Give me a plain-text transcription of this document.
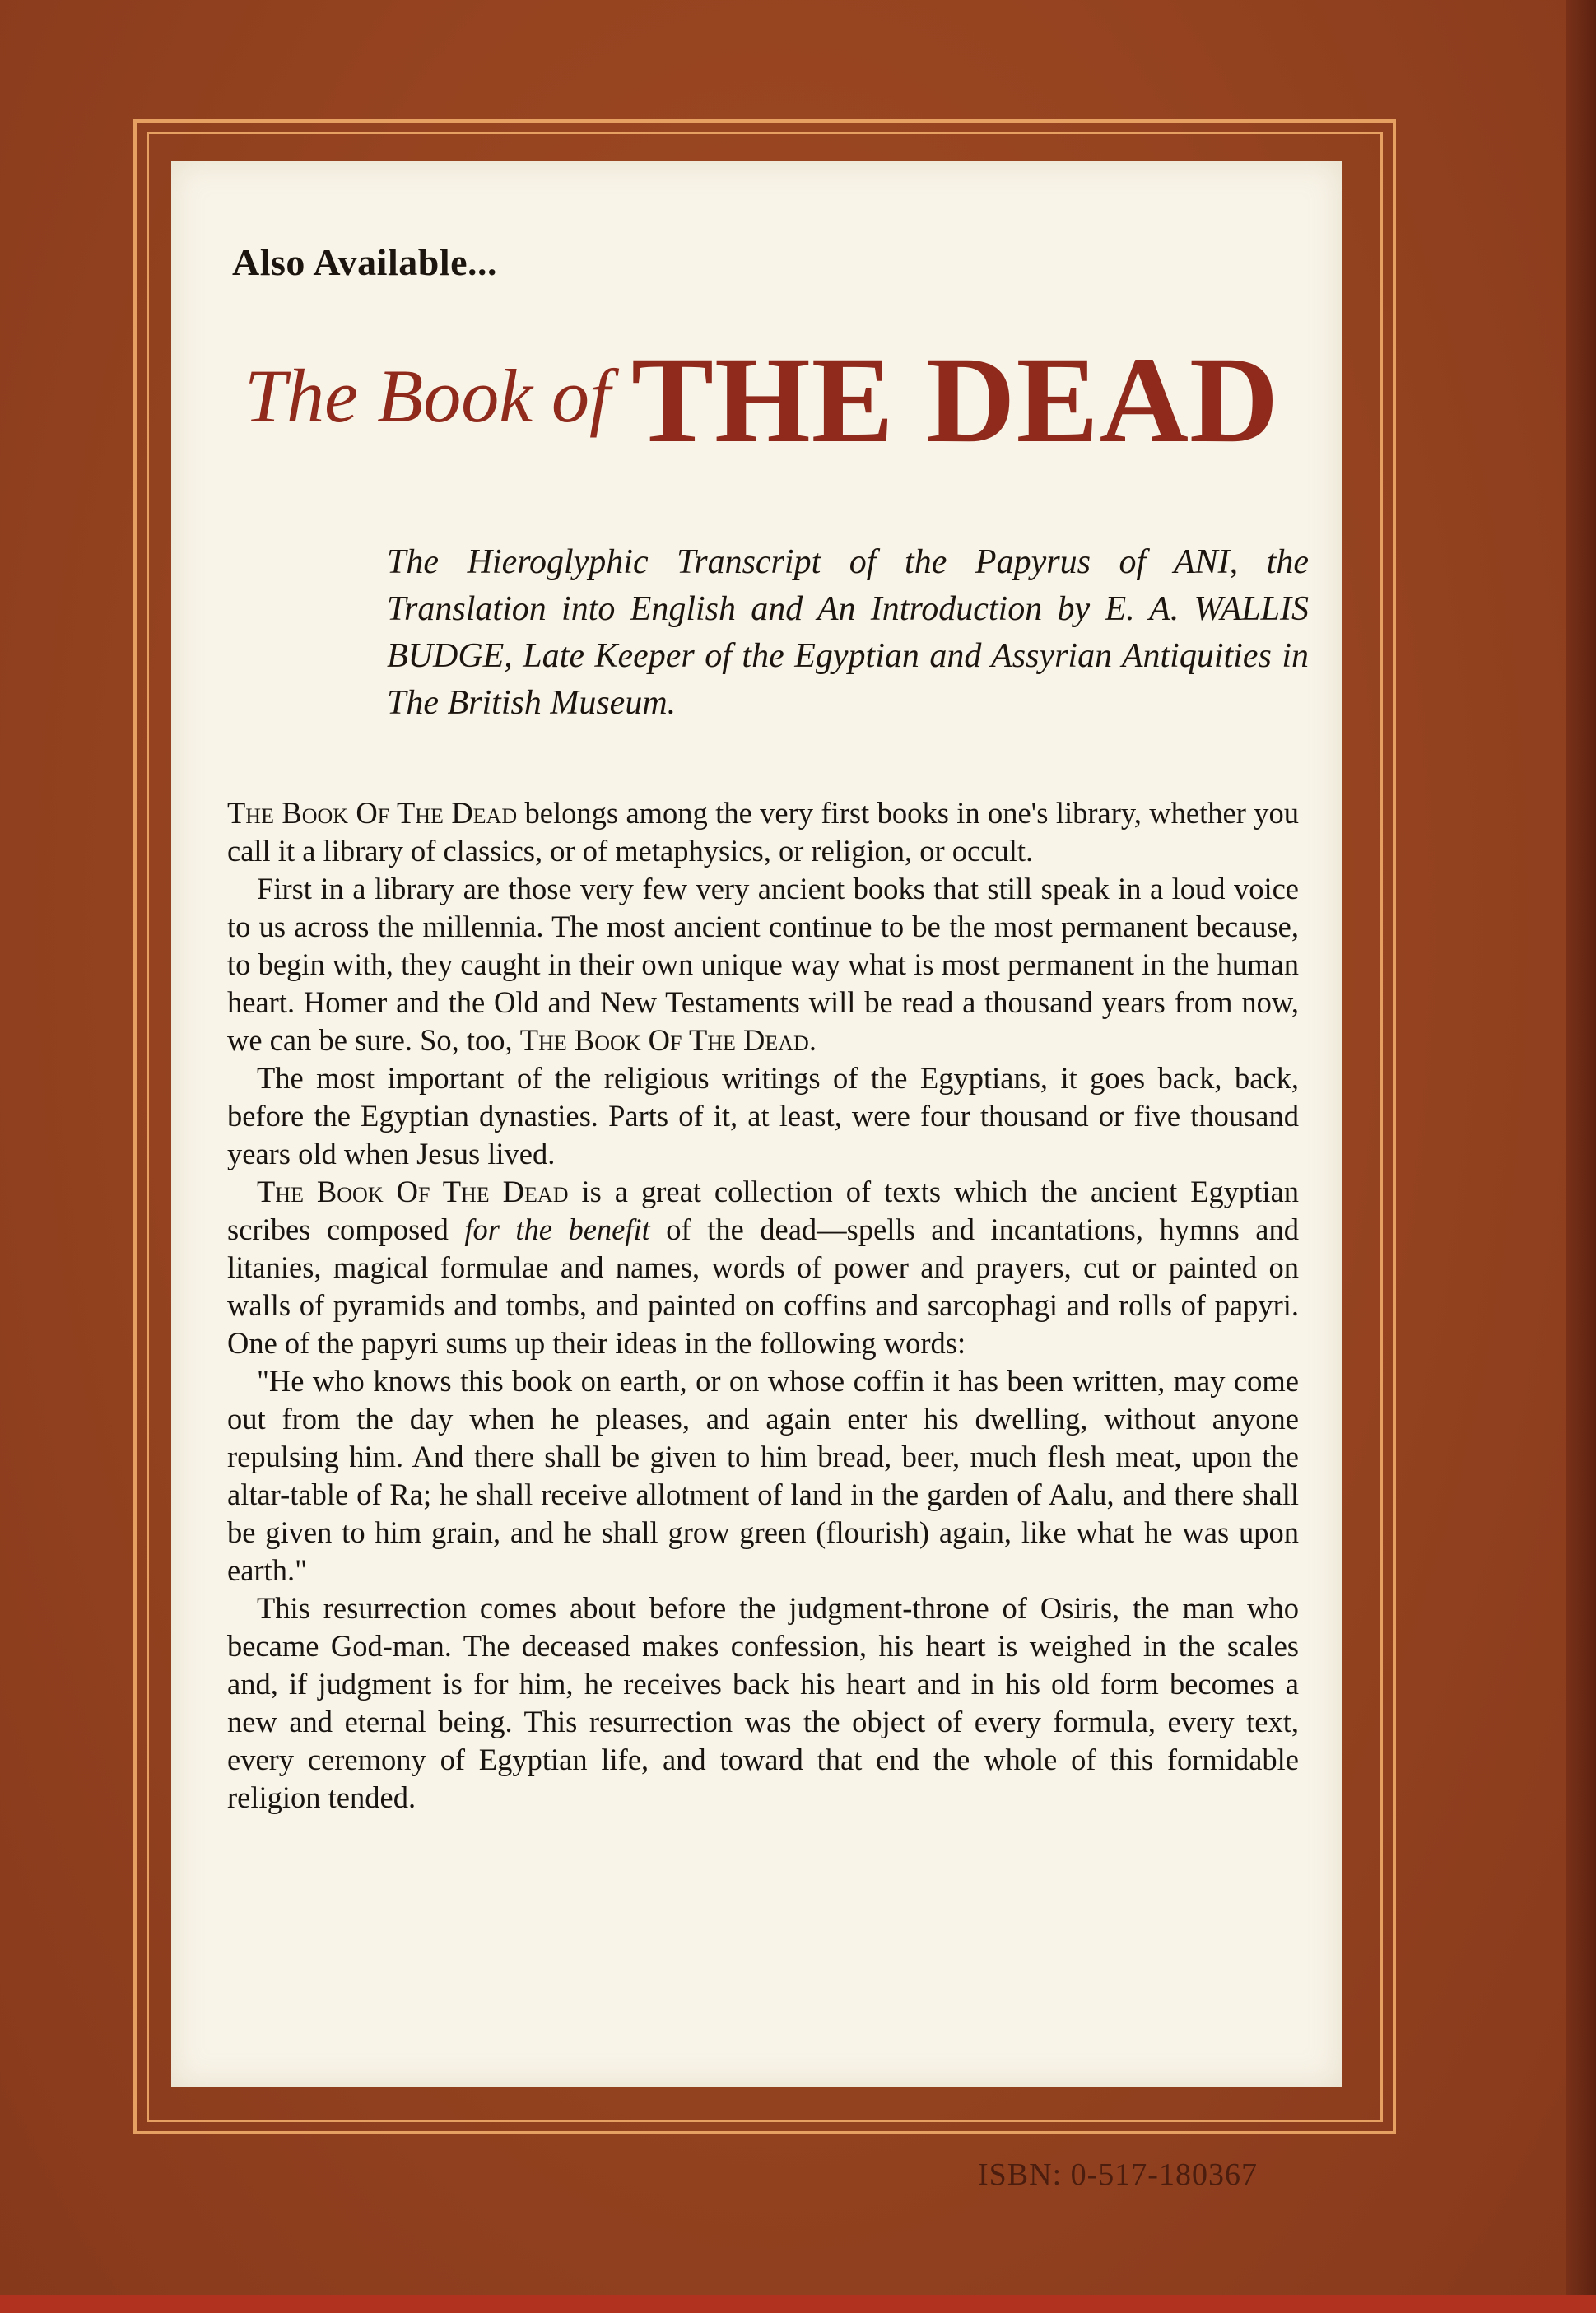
Also Available...
The Book of THE DEAD
The Hieroglyphic Transcript of the Papyrus of ANI, the Translation into English and An Introduction by E. A. WALLIS BUDGE, Late Keeper of the Egyptian and Assyrian Antiquities in The British Museum.

The Book Of The Dead belongs among the very first books in one's library, whether you call it a library of classics, or of metaphysics, or religion, or occult.

First in a library are those very few very ancient books that still speak in a loud voice to us across the millennia. The most ancient continue to be the most permanent because, to begin with, they caught in their own unique way what is most permanent in the human heart. Homer and the Old and New Testaments will be read a thousand years from now, we can be sure. So, too, The Book Of The Dead.

The most important of the religious writings of the Egyptians, it goes back, back, before the Egyptian dynasties. Parts of it, at least, were four thousand or five thousand years old when Jesus lived.

The Book Of The Dead is a great collection of texts which the ancient Egyptian scribes composed for the benefit of the dead—spells and incantations, hymns and litanies, magical formulae and names, words of power and prayers, cut or painted on walls of pyramids and tombs, and painted on coffins and sarcophagi and rolls of papyri. One of the papyri sums up their ideas in the following words:

"He who knows this book on earth, or on whose coffin it has been written, may come out from the day when he pleases, and again enter his dwelling, without anyone repulsing him. And there shall be given to him bread, beer, much flesh meat, upon the altar-table of Ra; he shall receive allotment of land in the garden of Aalu, and there shall be given to him grain, and he shall grow green (flourish) again, like what he was upon earth."

This resurrection comes about before the judgment-throne of Osiris, the man who became God-man. The deceased makes confession, his heart is weighed in the scales and, if judgment is for him, he receives back his heart and in his old form becomes a new and eternal being. This resurrection was the object of every formula, every text, every ceremony of Egyptian life, and toward that end the whole of this formidable religion tended.

ISBN: 0-517-180367
